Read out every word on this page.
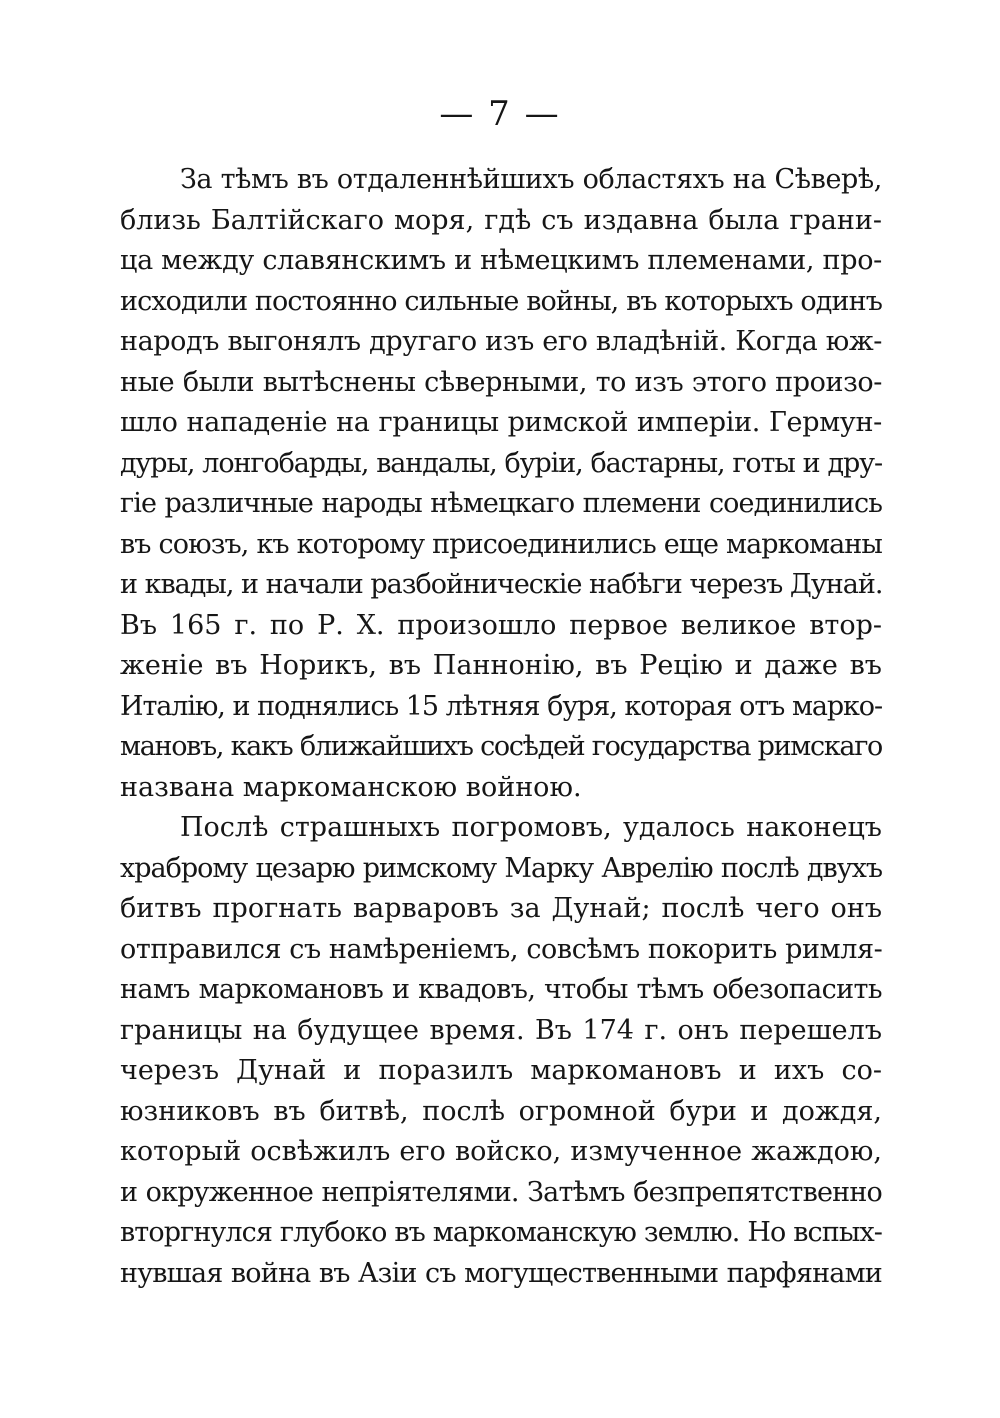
— 7 —
За тѣмъ въ отдаленнѣйшихъ областяхъ на Сѣверѣ,
близь Балтійскаго моря, гдѣ съ издавна была грани-
ца между славянскимъ и нѣмецкимъ племенами, про-
исходили постоянно сильные войны, въ которыхъ одинъ
народъ выгонялъ другаго изъ его владѣній. Когда юж-
ные были вытѣснены сѣверными, то изъ этого произо-
шло нападеніе на границы римской имперіи. Гермун-
дуры, лонгобарды, вандалы, буріи, бастарны, готы и дру-
гіе различные народы нѣмецкаго племени соединились
въ союзъ, къ которому присоединились еще маркоманы
и квады, и начали разбойническіе набѣги черезъ Дунай.
Въ 165 г. по Р. Х. произошло первое великое втор-
женіе въ Норикъ, въ Паннонію, въ Рецію и даже въ
Италію, и поднялись 15 лѣтняя буря, которая отъ марко-
мановъ, какъ ближайшихъ сосѣдей государства римскаго
названа маркоманскою войною.
Послѣ страшныхъ погромовъ, удалось наконецъ
храброму цезарю римскому Марку Аврелію послѣ двухъ
битвъ прогнать варваровъ за Дунай; послѣ чего онъ
отправился съ намѣреніемъ, совсѣмъ покорить римля-
намъ маркомановъ и квадовъ, чтобы тѣмъ обезопасить
границы на будущее время. Въ 174 г. онъ перешелъ
черезъ Дунай и поразилъ маркомановъ и ихъ со-
юзниковъ въ битвѣ, послѣ огромной бури и дождя,
который освѣжилъ его войско, измученное жаждою,
и окруженное непріятелями. Затѣмъ безпрепятственно
вторгнулся глубоко въ маркоманскую землю. Но вспых-
нувшая война въ Азіи съ могущественными парфянами
